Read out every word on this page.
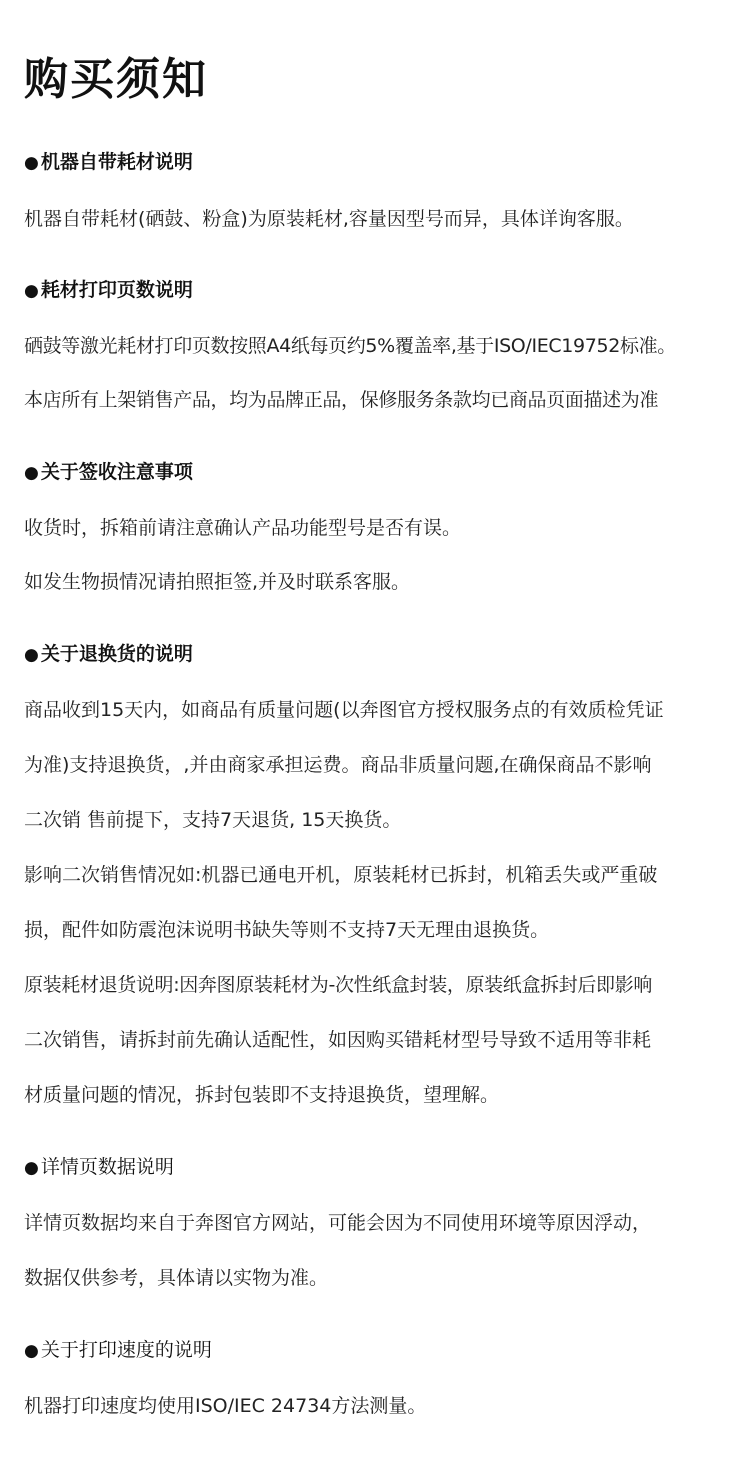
购买须知
● 机器自带耗材说明
机器自带耗材(硒鼓、粉盒)为原装耗材,容量因型号而异，具体详询客服。
● 耗材打印页数说明
硒鼓等激光耗材打印页数按照A4纸每页约5%覆盖率,基于ISO/IEC19752标准。
本店所有上架销售产品，均为品牌正品，保修服务条款均已商品页面描述为准
● 关于签收注意事项
收货时，拆箱前请注意确认产品功能型号是否有误。
如发生物损情况请拍照拒签,并及时联系客服。
● 关于退换货的说明
商品收到15天内，如商品有质量问题(以奔图官方授权服务点的有效质检凭证
为准)支持退换货，,并由商家承担运费。商品非质量问题,在确保商品不影响
二次销 售前提下，支持7天退货, 15天换货。
影响二次销售情况如:机器已通电开机，原装耗材已拆封，机箱丢失或严重破
损，配件如防震泡沫说明书缺失等则不支持7天无理由退换货。
原装耗材退货说明:因奔图原装耗材为-次性纸盒封装，原装纸盒拆封后即影响
二次销售，请拆封前先确认适配性，如因购买错耗材型号导致不适用等非耗
材质量问题的情况，拆封包装即不支持退换货，望理解。
● 详情页数据说明
详情页数据均来自于奔图官方网站，可能会因为不同使用环境等原因浮动，
数据仅供参考，具体请以实物为准。
● 关于打印速度的说明
机器打印速度均使用ISO/IEC 24734方法测量。
